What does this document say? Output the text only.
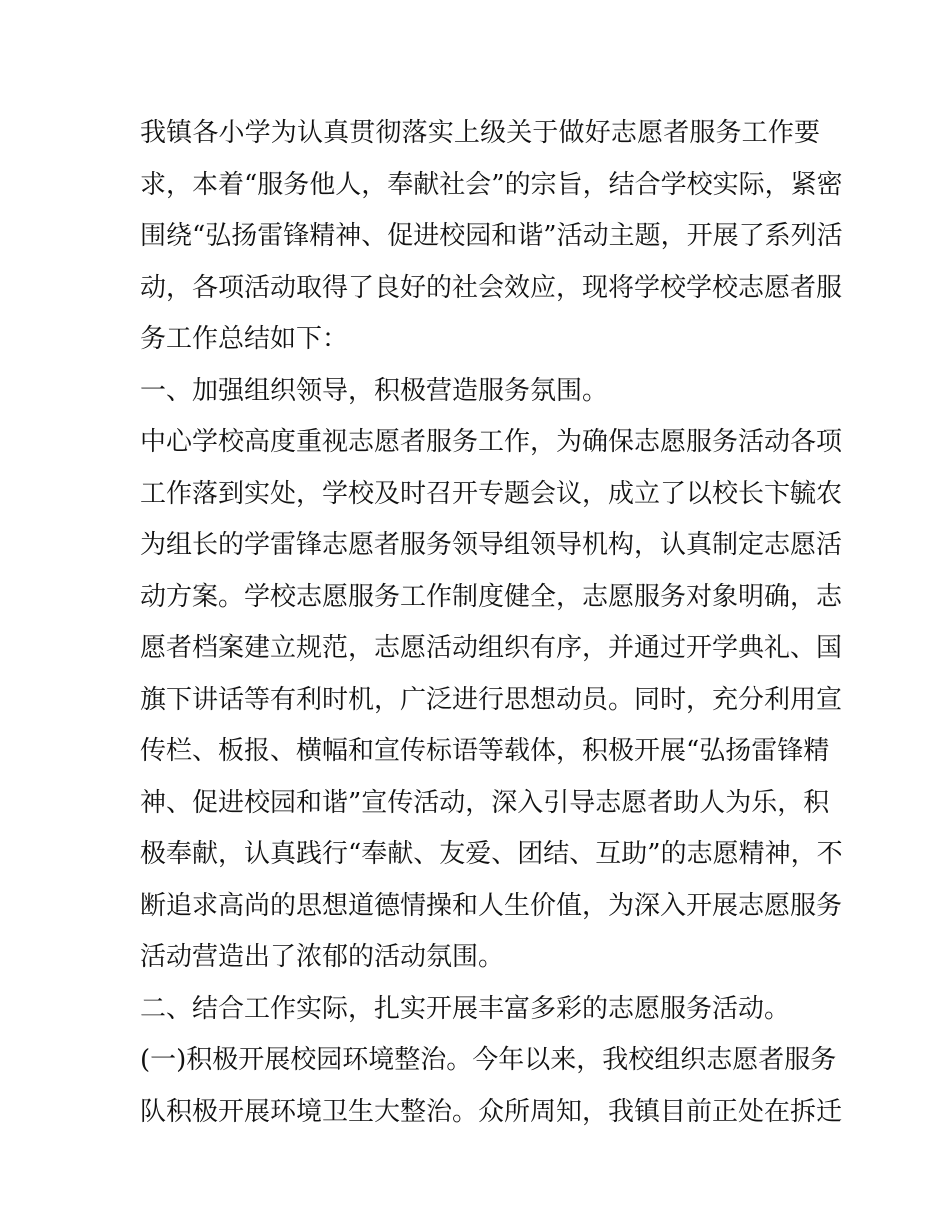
我镇各小学为认真贯彻落实上级关于做好志愿者服务工作要
求，本着“服务他人，奉献社会”的宗旨，结合学校实际，紧密
围绕“弘扬雷锋精神、促进校园和谐”活动主题，开展了系列活
动，各项活动取得了良好的社会效应，现将学校学校志愿者服
务工作总结如下：
一、加强组织领导，积极营造服务氛围。
中心学校高度重视志愿者服务工作，为确保志愿服务活动各项
工作落到实处，学校及时召开专题会议，成立了以校长卞毓农
为组长的学雷锋志愿者服务领导组领导机构，认真制定志愿活
动方案。学校志愿服务工作制度健全，志愿服务对象明确，志
愿者档案建立规范，志愿活动组织有序，并通过开学典礼、国
旗下讲话等有利时机，广泛进行思想动员。同时，充分利用宣
传栏、板报、横幅和宣传标语等载体，积极开展“弘扬雷锋精
神、促进校园和谐”宣传活动，深入引导志愿者助人为乐，积
极奉献，认真践行“奉献、友爱、团结、互助”的志愿精神，不
断追求高尚的思想道德情操和人生价值，为深入开展志愿服务
活动营造出了浓郁的活动氛围。
二、结合工作实际，扎实开展丰富多彩的志愿服务活动。
(一)积极开展校园环境整治。今年以来，我校组织志愿者服务
队积极开展环境卫生大整治。众所周知，我镇目前正处在拆迁
